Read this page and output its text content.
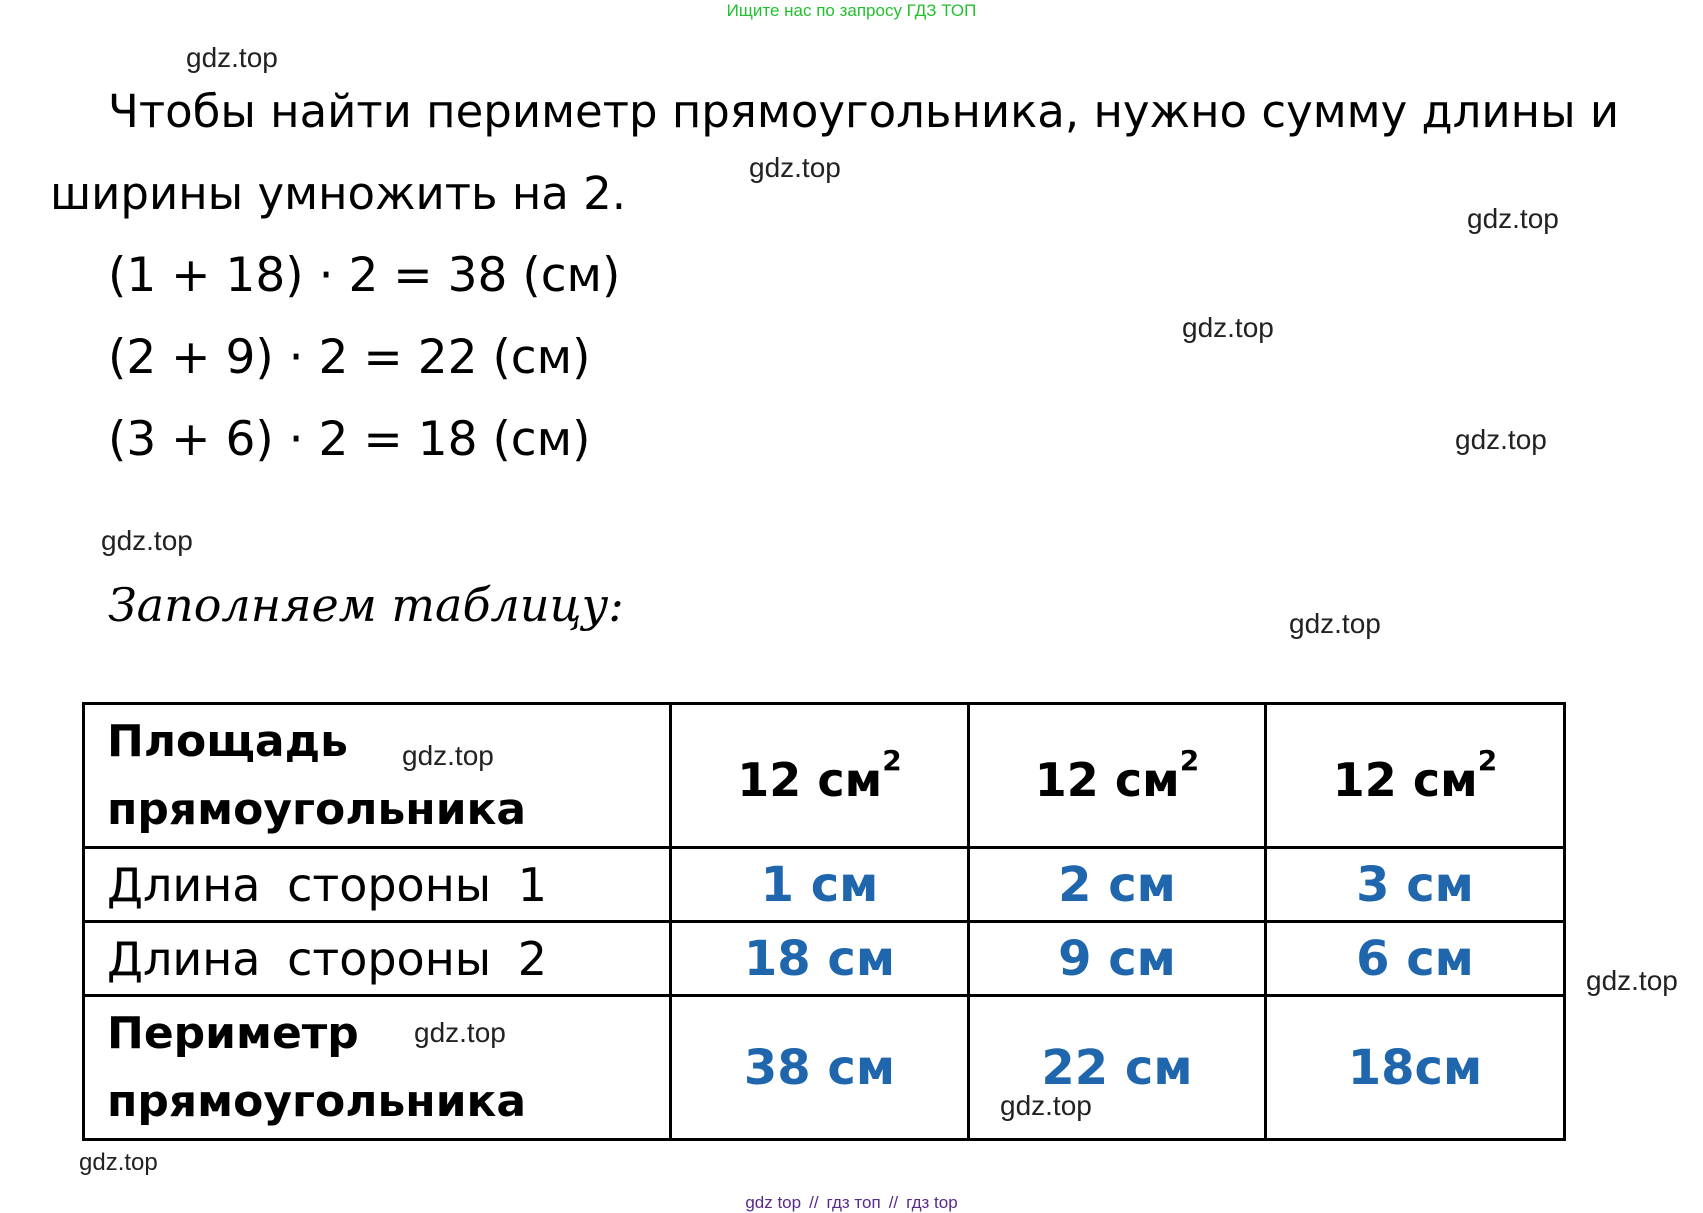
Ищите нас по запросу ГДЗ ТОП
Чтобы найти периметр прямоугольника, нужно сумму длины и
ширины умножить на 2.
(1 + 18) · 2 = 38 (см)
(2 + 9) · 2 = 22 (см)
(3 + 6) · 2 = 18 (см)
Заполняем таблицу:
Площадь
прямоугольника	12 $см^2$	12 $см^2$	12 $см^2$
Длина стороны 1	1 см	2 см	3 см
Длина стороны 2	18 см	9 см	6 см

Периметр
прямоугольника	38 см	22 см	18см
gdz.top
gdz.top
gdz.top
gdz.top
gdz.top
gdz.top
gdz.top
gdz.top
gdz.top
gdz.top
gdz.top
gdz.top
gdz top // гдз топ // гдз top
